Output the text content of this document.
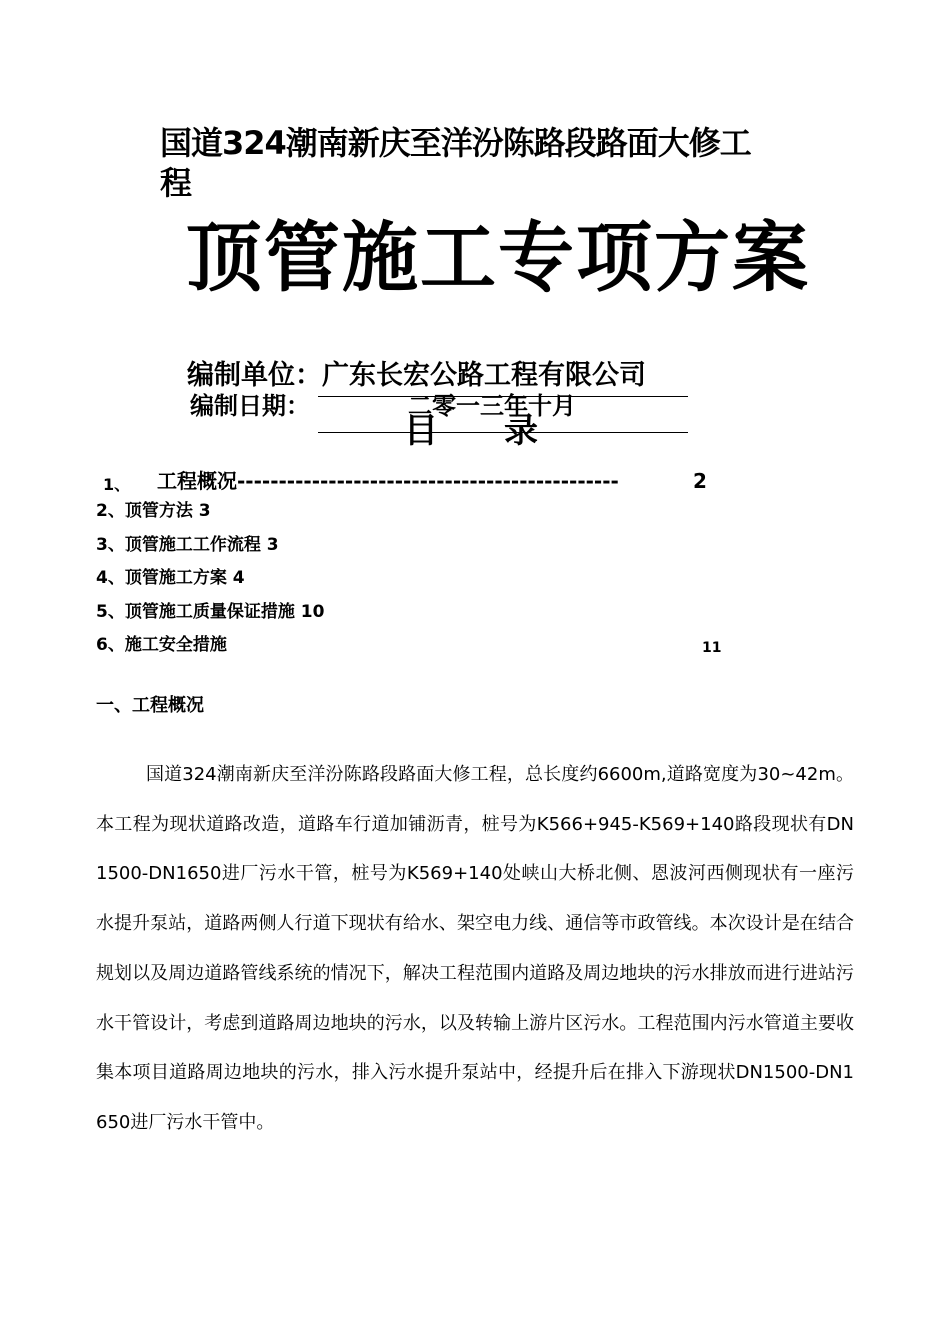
国道324潮南新庆至洋汾陈路段路面大修工
程
顶管施工专项方案
编制单位：广东长宏公路工程有限公司
编制日期：	二零一三年十月
目 录
1、 工程概况----------------------------------------------	2
2、顶管方法 3
3、顶管施工工作流程 3
4、顶管施工方案 4
5、顶管施工质量保证措施 10
6、施工安全措施	11
一、工程概况

国道324潮南新庆至洋汾陈路段路面大修工程，总长度约6600m,道路宽度为30~42m。本工程为现状道路改造，道路车行道加铺沥青，桩号为K566+945-K569+140路段现状有DN1500-DN1650进厂污水干管，桩号为K569+140处峡山大桥北侧、恩波河西侧现状有一座污水提升泵站，道路两侧人行道下现状有给水、架空电力线、通信等市政管线。本次设计是在结合规划以及周边道路管线系统的情况下，解决工程范围内道路及周边地块的污水排放而进行进站污水干管设计，考虑到道路周边地块的污水，以及转输上游片区污水。工程范围内污水管道主要收集本项目道路周边地块的污水，排入污水提升泵站中，经提升后在排入下游现状DN1500-DN1650进厂污水干管中。
